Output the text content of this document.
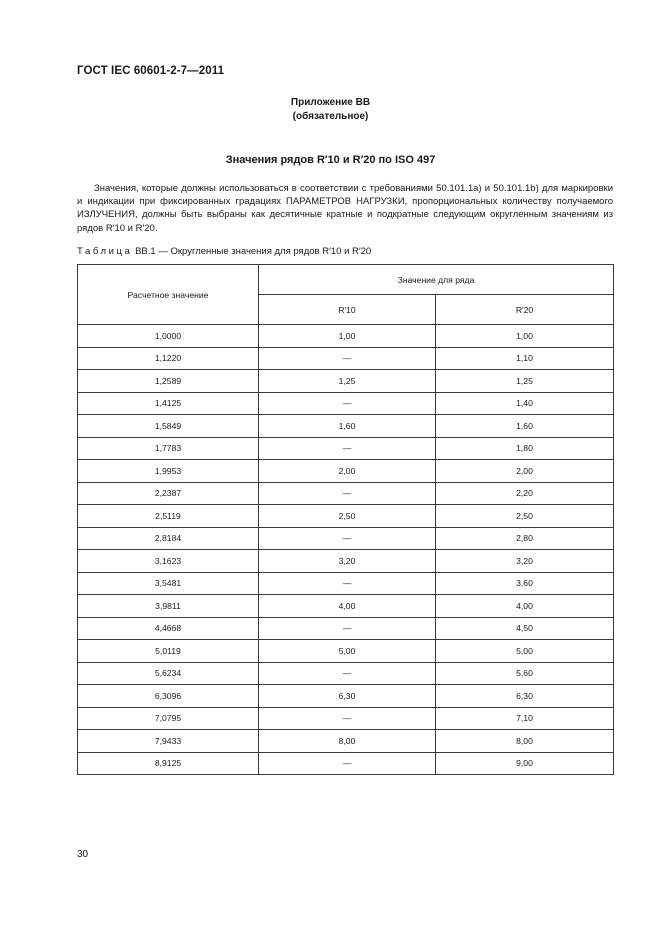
ГОСТ IEC 60601-2-7—2011
Приложение ВВ
(обязательное)
Значения рядов R′10 и R′20 по ISO 497
Значения, которые должны использоваться в соответствии с требованиями 50.101.1а) и 50.101.1b) для маркировки и индикации при фиксированных градациях ПАРАМЕТРОВ НАГРУЗКИ, пропорциональных количеству получаемого ИЗЛУЧЕНИЯ, должны быть выбраны как десятичные кратные и подкратные следующим округленным значениям из рядов R′10 и R′20.
Таблица ВВ.1 — Округленные значения для рядов R′10 и R′20
Расчетное значение	Значение для ряда	
	R′10	R′20
1,0000	1,00	1,00
1,1220	—	1,10
1,2589	1,25	1,25
1,4125	—	1,40
1,5849	1,60	1,60
1,7783	—	1,80
1,9953	2,00	2,00
2,2387	—	2,20
2,5119	2,50	2,50
2,8184	—	2,80
3,1623	3,20	3,20
3,5481	—	3,60
3,9811	4,00	4,00
4,4668	—	4,50
5,0119	5,00	5,00
5,6234	—	5,60
6,3096	6,30	6,30
7,0795	—	7,10
7,9433	8,00	8,00
8,9125	—	9,00
30
